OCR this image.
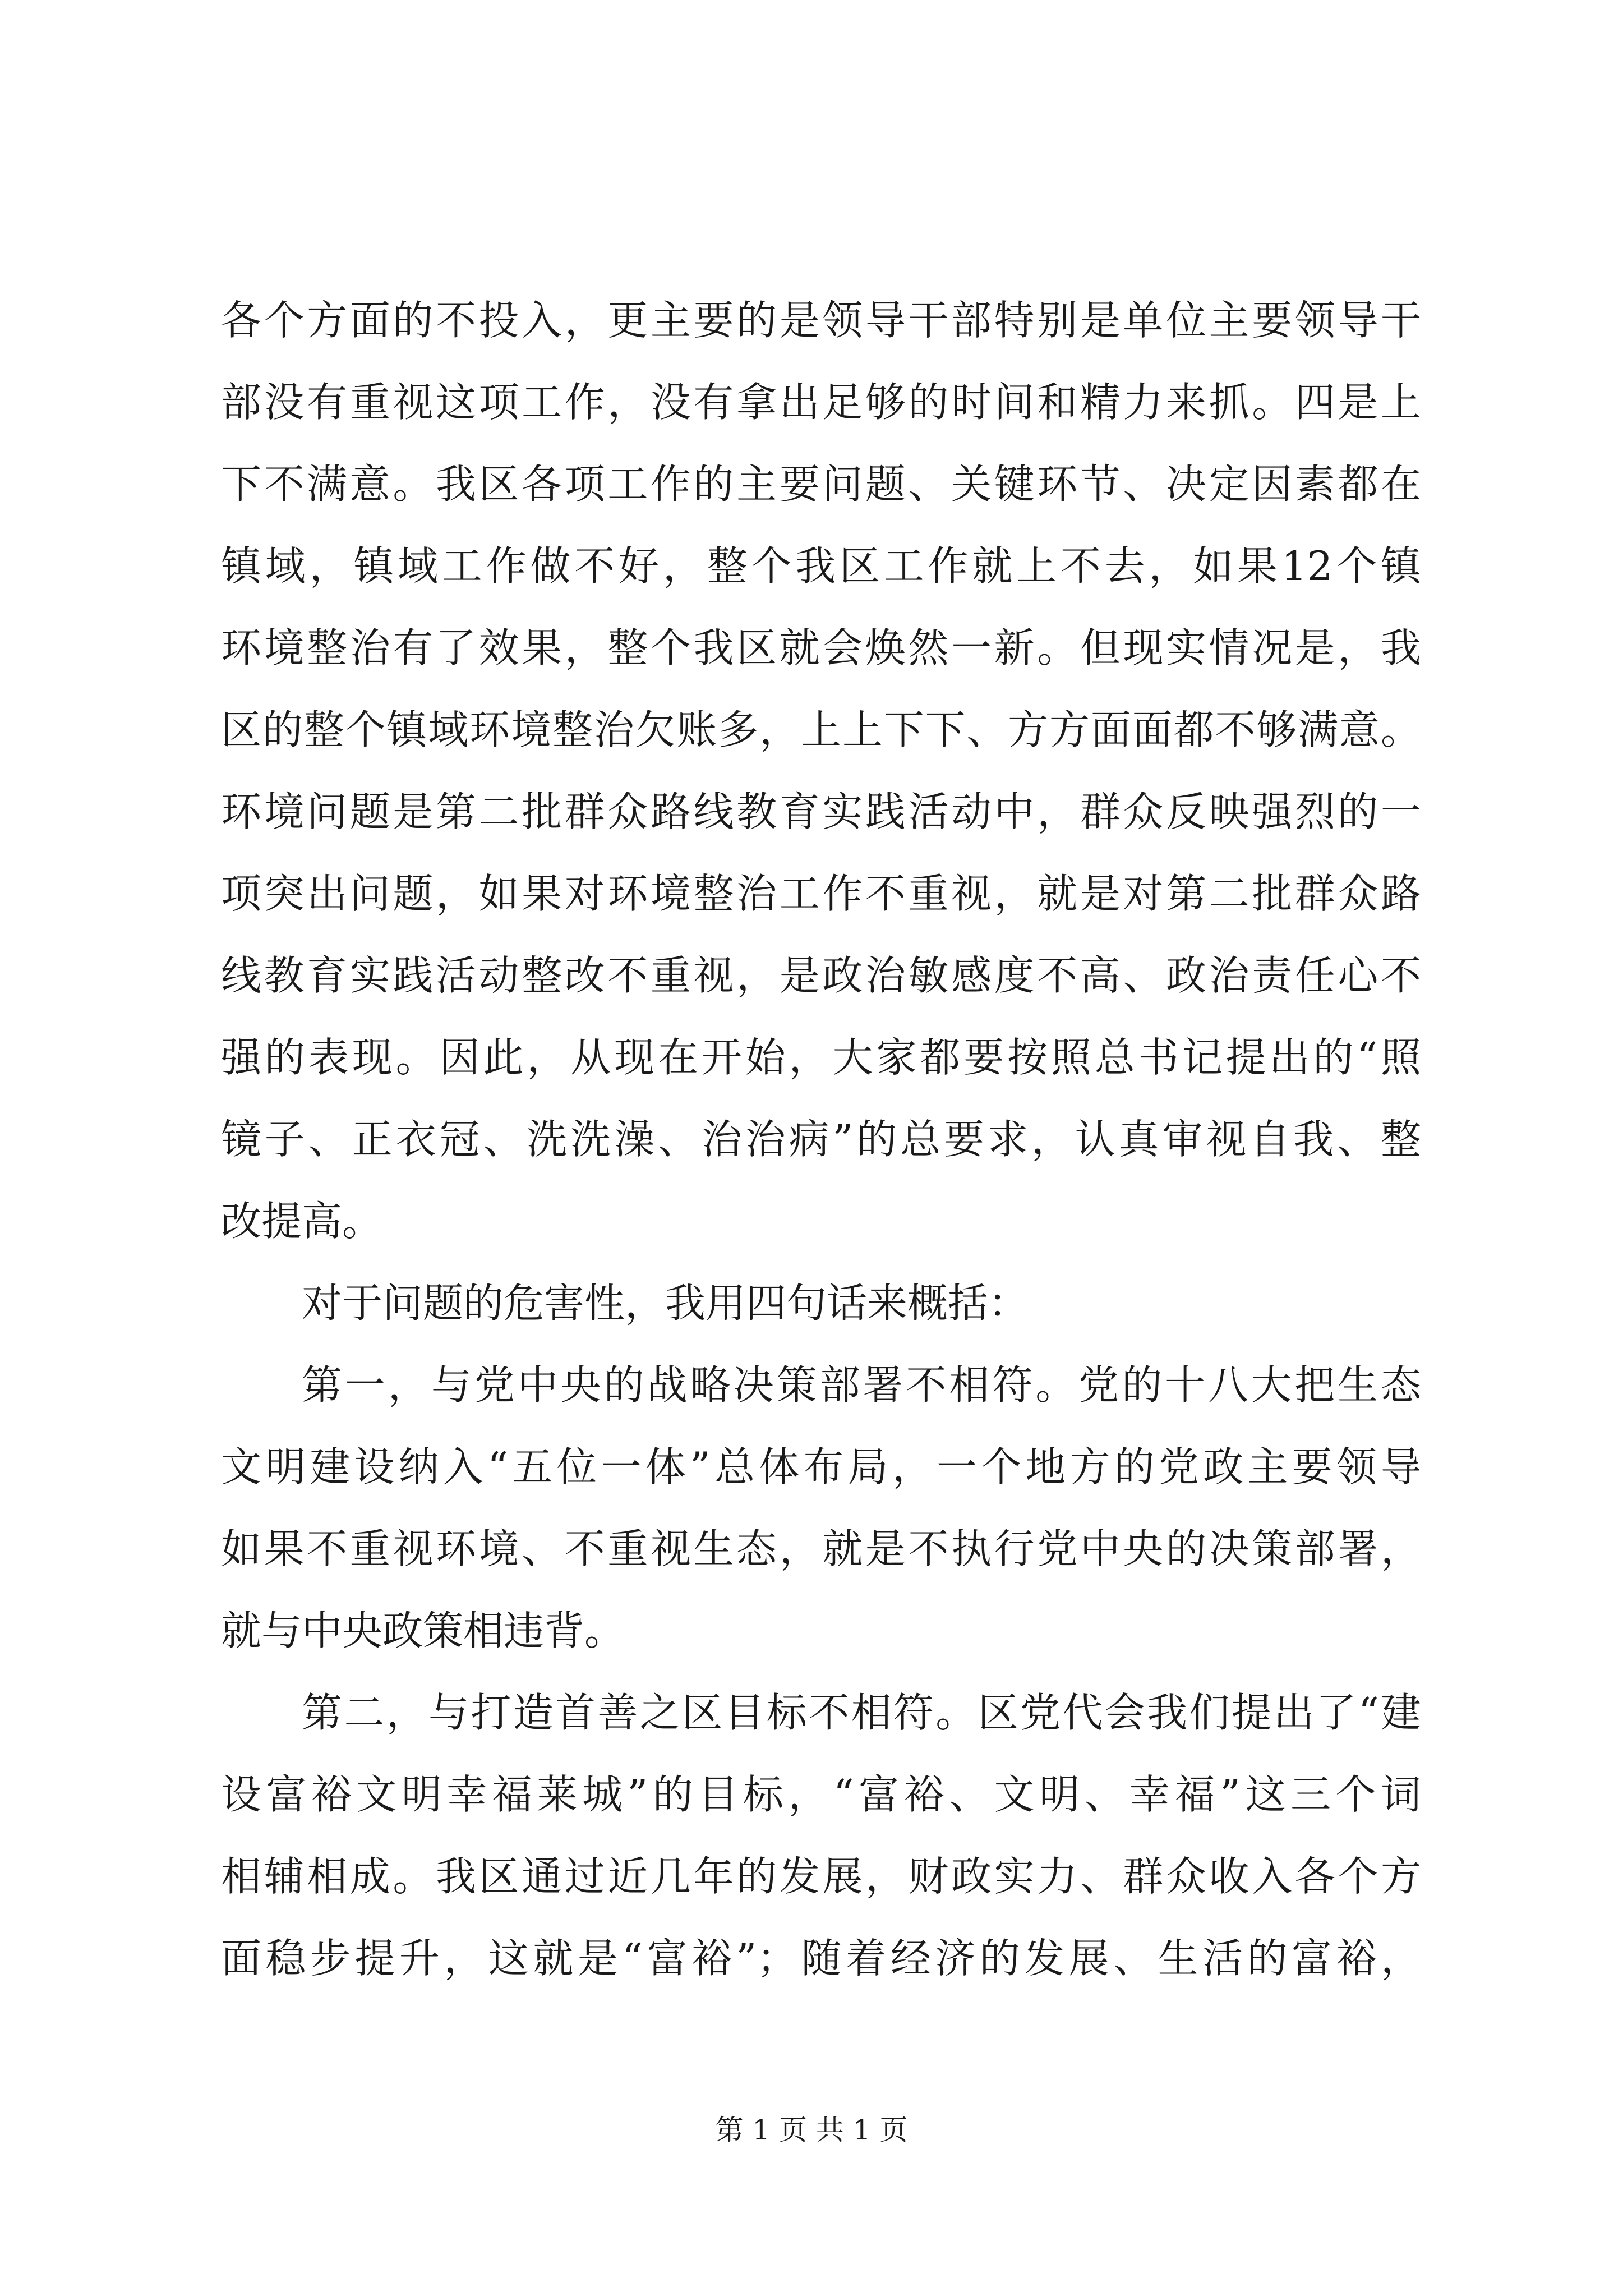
各个方面的不投入，更主要的是领导干部特别是单位主要领导干
部没有重视这项工作，没有拿出足够的时间和精力来抓。四是上
下不满意。我区各项工作的主要问题、关键环节、决定因素都在
镇域，镇域工作做不好，整个我区工作就上不去，如果12个镇
环境整治有了效果，整个我区就会焕然一新。但现实情况是，我
区的整个镇域环境整治欠账多，上上下下、方方面面都不够满意。
环境问题是第二批群众路线教育实践活动中，群众反映强烈的一
项突出问题，如果对环境整治工作不重视，就是对第二批群众路
线教育实践活动整改不重视，是政治敏感度不高、政治责任心不
强的表现。因此，从现在开始，大家都要按照总书记提出的“照
镜子、正衣冠、洗洗澡、治治病”的总要求，认真审视自我、整
改提高。
对于问题的危害性，我用四句话来概括：
第一，与党中央的战略决策部署不相符。党的十八大把生态
文明建设纳入“五位一体”总体布局，一个地方的党政主要领导
如果不重视环境、不重视生态，就是不执行党中央的决策部署，
就与中央政策相违背。
第二，与打造首善之区目标不相符。区党代会我们提出了“建
设富裕文明幸福莱城”的目标，“富裕、文明、幸福”这三个词
相辅相成。我区通过近几年的发展，财政实力、群众收入各个方
面稳步提升，这就是“富裕”；随着经济的发展、生活的富裕，
第 1 页 共 1 页
